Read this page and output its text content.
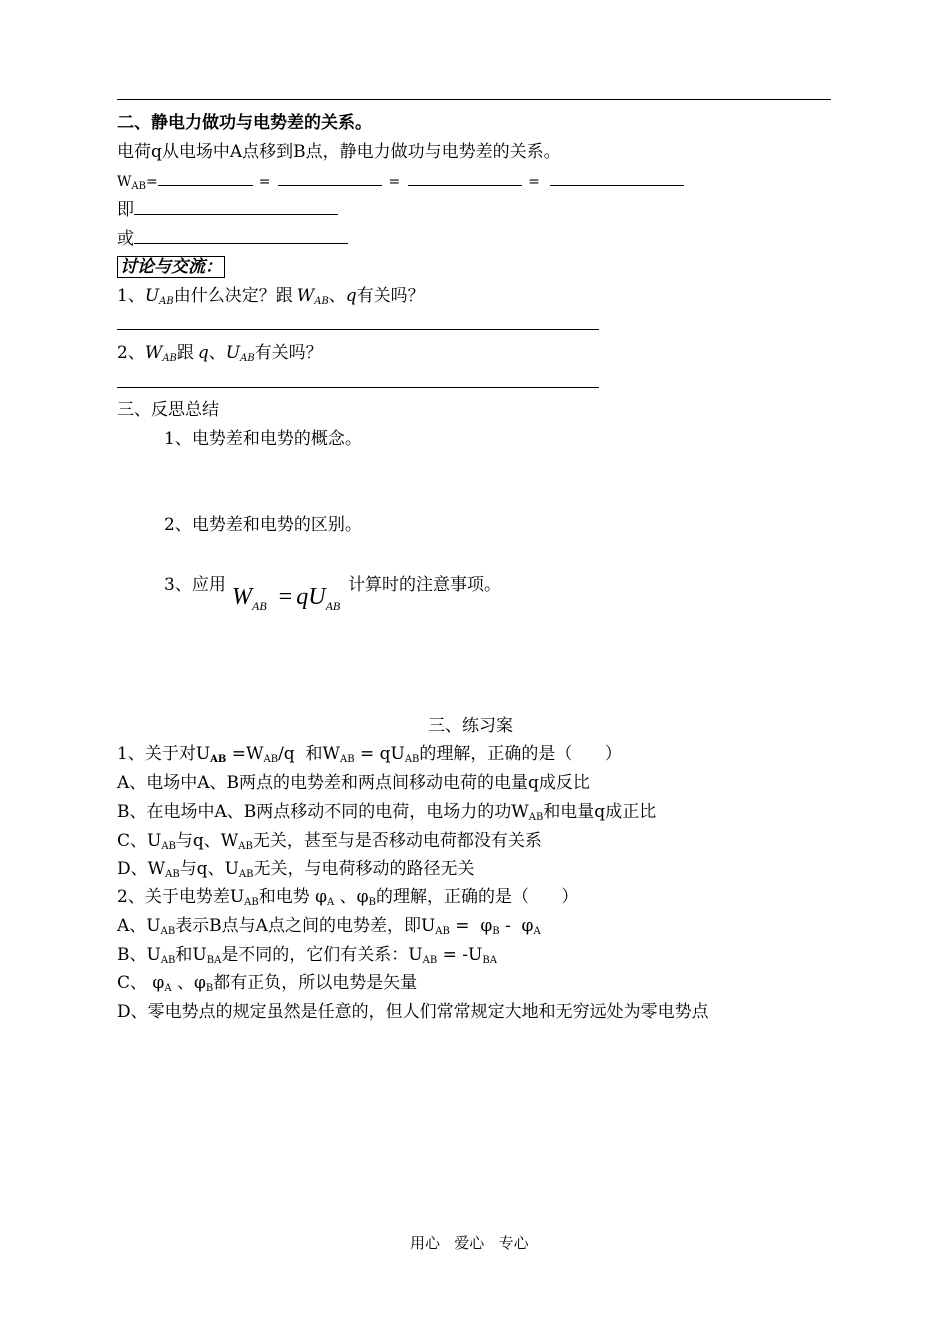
二、静电力做功与电势差的关系。
电荷q从电场中A点移到B点，静电力做功与电势差的关系。
$W_{AB}=$	=	=	=
即
或
讨论与交流：
1、UAB由什么决定？跟 WAB、q有关吗？
2、WAB跟 q、UAB有关吗？
三、反思总结
1、电势差和电势的概念。
2、电势差和电势的区别。
3、应用 $W_{AB} = qU_{AB}$
计算时的注意事项。
三、练习案
1、关于对$U_{AB} =W_{AB}/q$  和$W_{AB} = qU_{AB}$的理解，正确的是（      ）
A、电场中A、B两点的电势差和两点间移动电荷的电量q成反比
B、在电场中A、B两点移动不同的电荷，电场力的功$W_{AB}$和电量q成正比
C、$U_{AB}$与q、$W_{AB}$无关，甚至与是否移动电荷都没有关系
D、$W_{AB}$与q、$U_{AB}$无关，与电荷移动的路径无关
2、关于电势差$U_{AB}$和电势 $\varphi_A$ 、$\varphi_B$的理解，正确的是（      ）
A、$U_{AB}$表示B点与A点之间的电势差，即$U_{AB} = \varphi_B - \varphi_A$
B、$U_{AB}$和$U_{BA}$是不同的，它们有关系：$U_{AB} = -U_{BA}$
C、 $\varphi_A$ 、$\varphi_B$都有正负，所以电势是矢量
D、零电势点的规定虽然是任意的，但人们常常规定大地和无穷远处为零电势点
用心   爱心   专心
